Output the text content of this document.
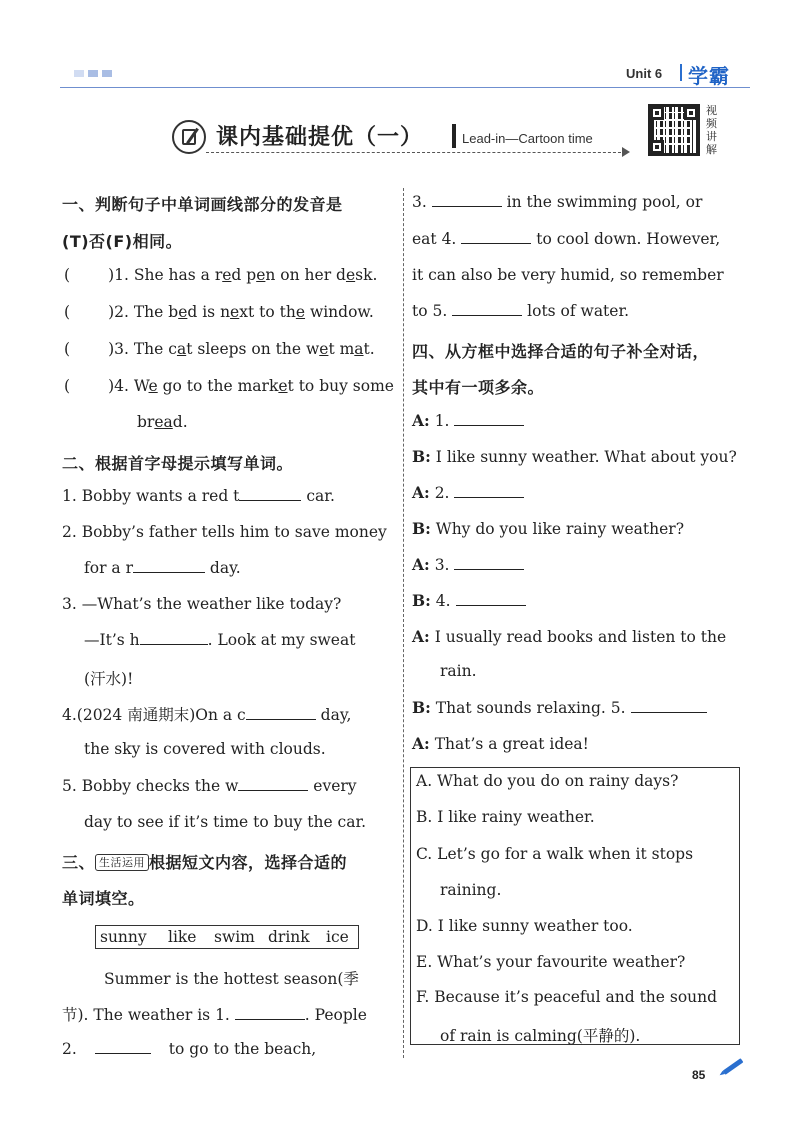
Unit 6 学霸
课内基础提优（一）	Lead-in—Cartoon time
视频讲解
一、判断句子中单词画线部分的发音是
(T)否(F)相同。
( )1. She has a red pen on her desk.
( )2. The bed is next to the window.
( )3. The cat sleeps on the wet mat.
( )4. We go to the market to buy some
bread.
二、根据首字母提示填写单词。
1. Bobby wants a red t	car.
2. Bobby’s father tells him to save money
for a r	day.
3. —What’s the weather like today?
—It’s h	. Look at my sweat
(汗水)!
4.(2024 南通期末)On a c	day,
the sky is covered with clouds.
5. Bobby checks the w	every
day to see if it’s time to buy the car.
三、 生活运用 根据短文内容，选择合适的
单词填空。
sunny like swim drink ice
Summer is the hottest season(季
节). The weather is 1.	. People
2.	to go to the beach,
3.	in the swimming pool, or
eat 4.	to cool down. However,
it can also be very humid, so remember
to 5.	lots of water.
四、从方框中选择合适的句子补全对话，
其中有一项多余。
A: 1.
B: I like sunny weather. What about you?
A: 2.
B: Why do you like rainy weather?
A: 3.
B: 4.
A: I usually read books and listen to the
rain.
B: That sounds relaxing. 5.
A: That’s a great idea!
A. What do you do on rainy days?
B. I like rainy weather.
C. Let’s go for a walk when it stops
raining.
D. I like sunny weather too.
E. What’s your favourite weather?
F. Because it’s peaceful and the sound
of rain is calming(平静的).
85
